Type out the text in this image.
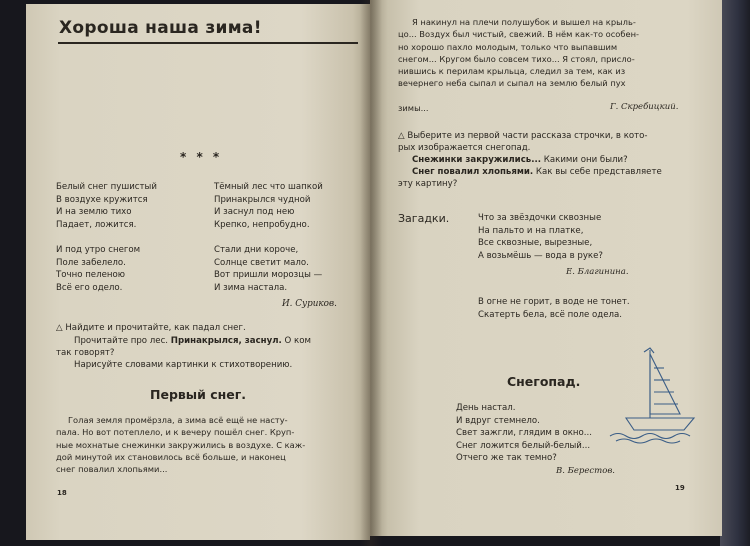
Хороша наша зима!
* * *
Белый снег пушистый
В воздухе кружится
И на землю тихо
Падает, ложится.
И под утро снегом
Поле забелело.
Точно пеленою
Всё его одело.
Тёмный лес что шапкой
Принакрылся чудной
И заснул под нею
Крепко, непробудно.
Стали дни короче,
Солнце светит мало.
Вот пришли морозцы —
И зима настала.
И. Суриков.
△ Найдите и прочитайте, как падал снег.
Прочитайте про лес. Принакрылся, заснул. О ком
так говорят?
Нарисуйте словами картинки к стихотворению.
Первый снег.
Голая земля промёрзла, а зима всё ещё не насту-
пала. Но вот потеплело, и к вечеру пошёл снег. Круп-
ные мохнатые снежинки закружились в воздухе. С каж-
дой минутой их становилось всё больше, и наконец
снег повалил хлопьями...
18
Я накинул на плечи полушубок и вышел на крыль-
цо... Воздух был чистый, свежий. В нём как-то особен-
но хорошо пахло молодым, только что выпавшим
снегом... Кругом было совсем тихо... Я стоял, присло-
нившись к перилам крыльца, следил за тем, как из
вечернего неба сыпал и сыпал на землю белый пух
зимы...	Г. Скребицкий.
△ Выберите из первой части рассказа строчки, в кото-
рых изображается снегопад.
Снежинки закружились... Какими они были?
Снег повалил хлопьями. Как вы себе представляете
эту картину?
Загадки.	Что за звёздочки сквозные
На пальто и на платке,
Все сквозные, вырезные,
А возьмёшь — вода в руке?
Е. Благинина.
В огне не горит, в воде не тонет.
Скатерть бела, всё поле одела.
Снегопад.
День настал.
И вдруг стемнело.
Свет зажгли, глядим в окно...
Снег ложится белый-белый...
Отчего же так темно?
В. Берестов.
19
